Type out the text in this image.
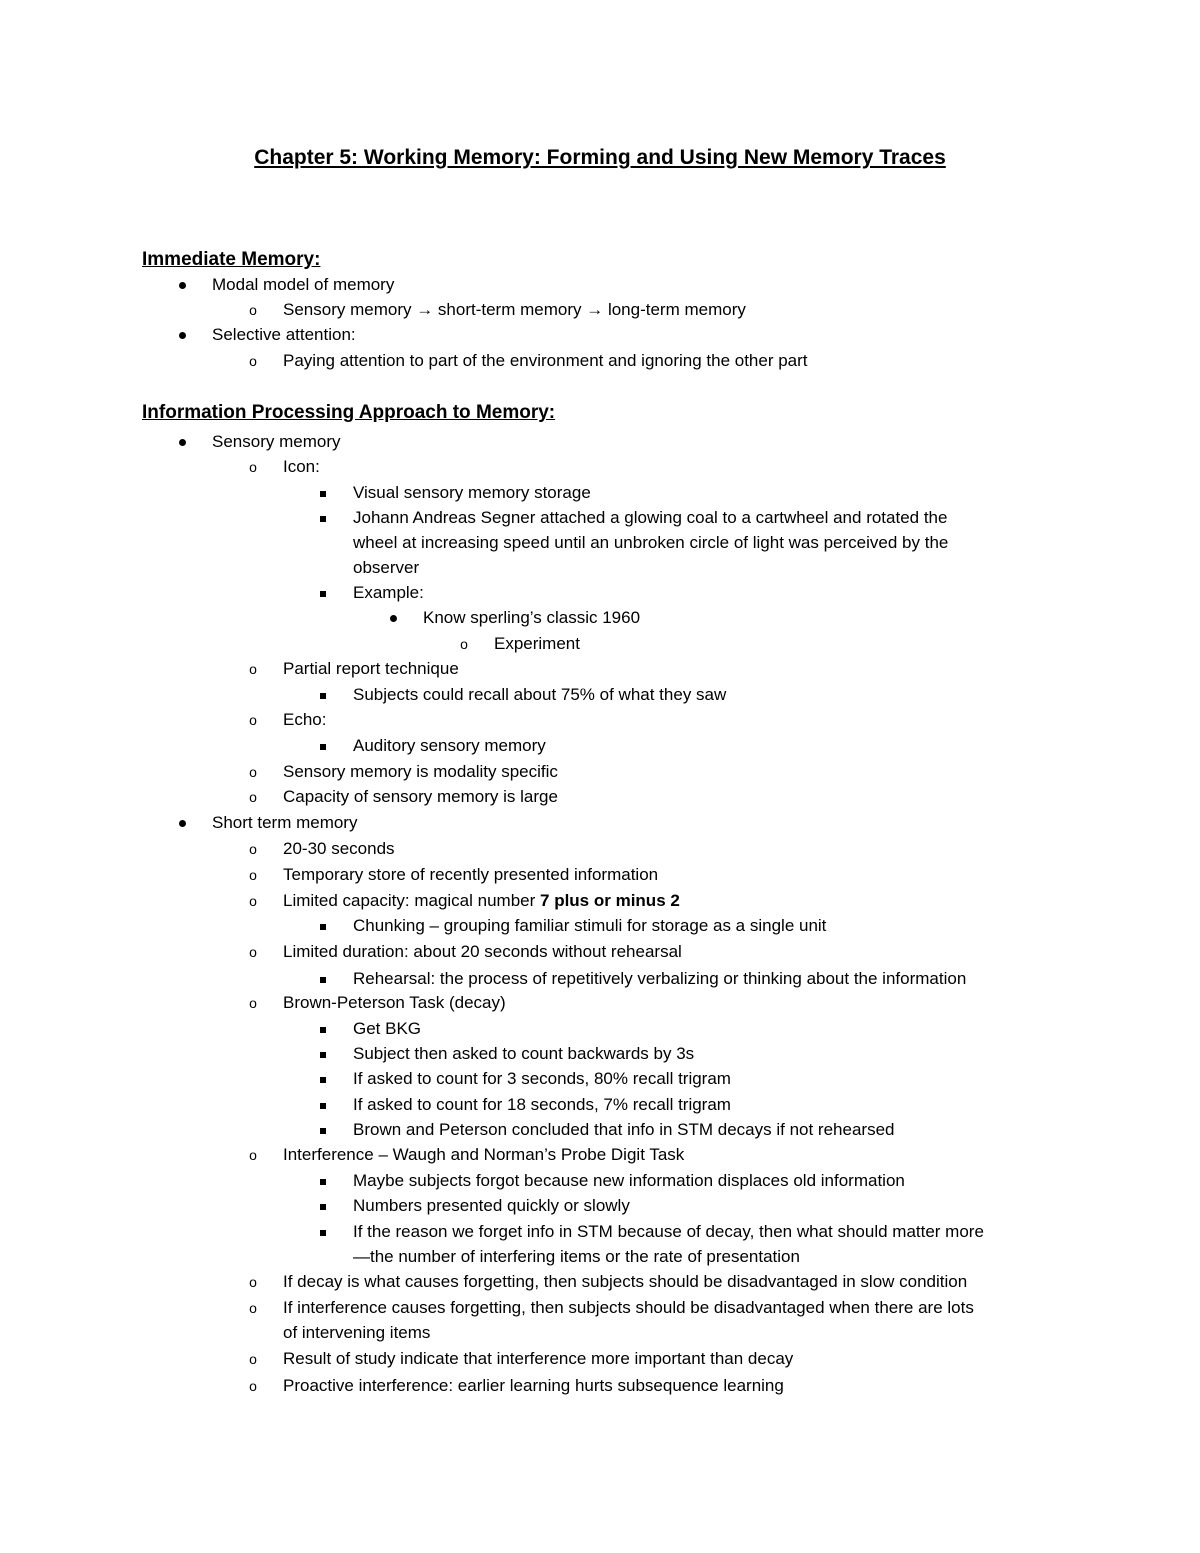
Chapter 5: Working Memory: Forming and Using New Memory Traces
Immediate Memory:
Modal model of memory
o
Sensory memory → short-term memory → long-term memory
Selective attention:
o
Paying attention to part of the environment and ignoring the other part
Information Processing Approach to Memory:
Sensory memory
o
Icon:
Visual sensory memory storage
Johann Andreas Segner attached a glowing coal to a cartwheel and rotated the
wheel at increasing speed until an unbroken circle of light was perceived by the
observer
Example:
Know sperling’s classic 1960
o
Experiment
o
Partial report technique
Subjects could recall about 75% of what they saw
o
Echo:
Auditory sensory memory
o
Sensory memory is modality specific
o
Capacity of sensory memory is large
Short term memory
o
20-30 seconds
o
Temporary store of recently presented information
o
Limited capacity: magical number 7 plus or minus 2
Chunking – grouping familiar stimuli for storage as a single unit
o
Limited duration: about 20 seconds without rehearsal
Rehearsal: the process of repetitively verbalizing or thinking about the information
o
Brown-Peterson Task (decay)
Get BKG
Subject then asked to count backwards by 3s
If asked to count for 3 seconds, 80% recall trigram
If asked to count for 18 seconds, 7% recall trigram
Brown and Peterson concluded that info in STM decays if not rehearsed
o
Interference – Waugh and Norman’s Probe Digit Task
Maybe subjects forgot because new information displaces old information
Numbers presented quickly or slowly
If the reason we forget info in STM because of decay, then what should matter more
—the number of interfering items or the rate of presentation
o
If decay is what causes forgetting, then subjects should be disadvantaged in slow condition
o
If interference causes forgetting, then subjects should be disadvantaged when there are lots
of intervening items
o
Result of study indicate that interference more important than decay
o
Proactive interference: earlier learning hurts subsequence learning
